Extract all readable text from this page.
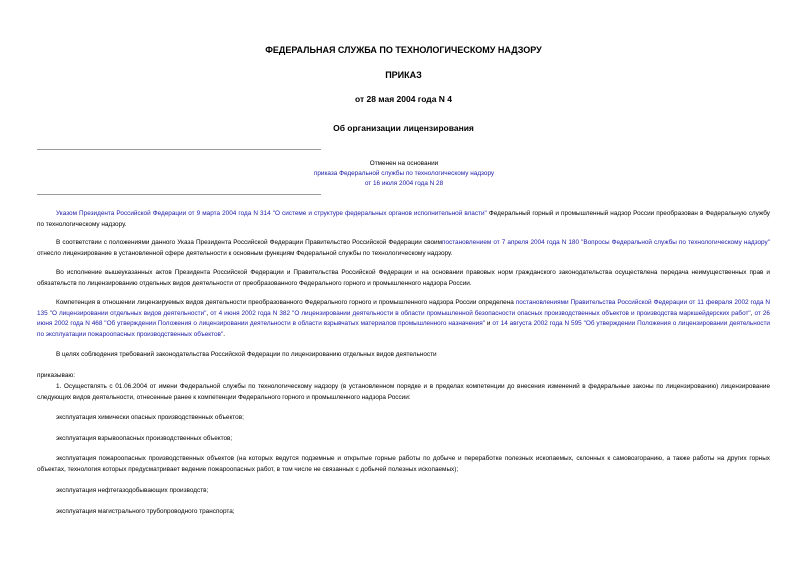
ФЕДЕРАЛЬНАЯ СЛУЖБА ПО ТЕХНОЛОГИЧЕСКОМУ НАДЗОРУ
ПРИКАЗ
от 28 мая 2004 года N 4
Об организации лицензирования
Отменен на основании
приказа Федеральной службы по технологическому надзору
от 16 июля 2004 года N 28

Указом Президента Российской Федерации от 9 марта 2004 года N 314 "О системе и структуре федеральных органов исполнительной власти" Федеральный горный и промышленный надзор России преобразован в Федеральную службу по технологическому надзору.

В соответствии с положениями данного Указа Президента Российской Федерации Правительство Российской Федерации своимпостановлением от 7 апреля 2004 года N 180 "Вопросы Федеральной службы по технологическому надзору" отнесло лицензирование в установленной сфере деятельности к основным функциям Федеральной службы по технологическому надзору.

Во исполнение вышеуказанных актов Президента Российской Федерации и Правительства Российской Федерации и на основании правовых норм гражданского законодательства осуществлена передача неимущественных прав и обязательств по лицензированию отдельных видов деятельности от преобразованного Федерального горного и промышленного надзора России.

Компетенция в отношении лицензируемых видов деятельности преобразованного Федерального горного и промышленного надзора России определена постановлениями Правительства Российской Федерации от 11 февраля 2002 года N 135 "О лицензировании отдельных видов деятельности", от 4 июня 2002 года N 382 "О лицензировании деятельности в области промышленной безопасности опасных производственных объектов и производства маркшейдерских работ", от 26 июня 2002 года N 468 "Об утверждении Положения о лицензировании деятельности в области взрывчатых материалов промышленного назначения" и от 14 августа 2002 года N 595 "Об утверждении Положения о лицензировании деятельности по эксплуатации пожароопасных производственных объектов".

В целях соблюдения требований законодательства Российской Федерации по лицензированию отдельных видов деятельности

приказываю:

1. Осуществлять с 01.06.2004 от имени Федеральной службы по технологическому надзору (в установленном порядке и в пределах компетенции до внесения изменений в федеральные законы по лицензированию) лицензирование следующих видов деятельности, отнесенные ранее к компетенции Федерального горного и промышленного надзора России:

эксплуатация химически опасных производственных объектов;

эксплуатация взрывоопасных производственных объектов;

эксплуатация пожароопасных производственных объектов (на которых ведутся подземные и открытые горные работы по добыче и переработке полезных ископаемых, склонных к самовозгоранию, а также работы на других горных объектах, технология которых предусматривает ведение пожароопасных работ, в том числе не связанных с добычей полезных ископаемых);

эксплуатация нефтегазодобывающих производств;

эксплуатация магистрального трубопроводного транспорта;
